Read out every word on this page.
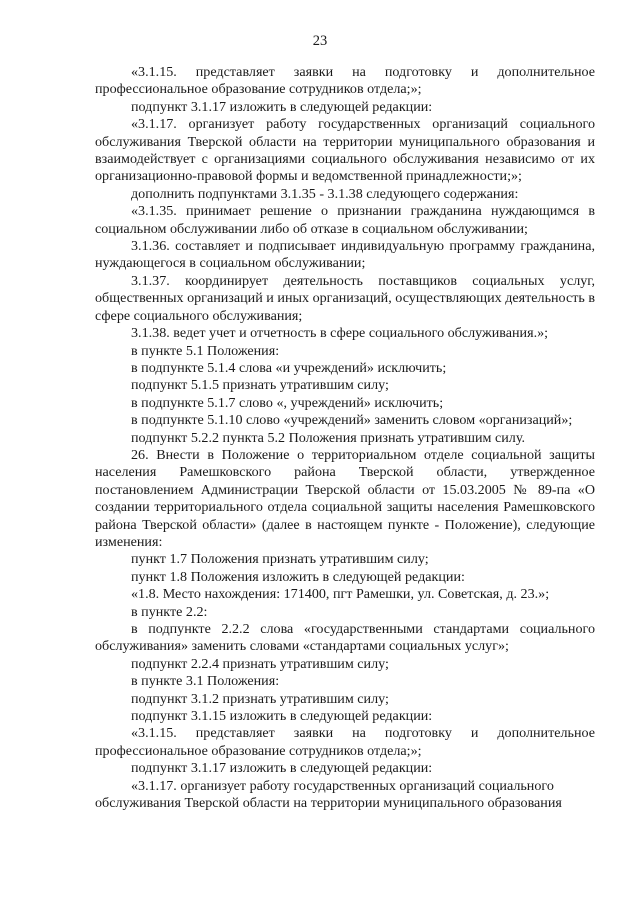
23

«3.1.15. представляет заявки на подготовку и дополнительное профессиональное образование сотрудников отдела;»;

подпункт 3.1.17 изложить в следующей редакции:

«3.1.17. организует работу государственных организаций социального обслуживания Тверской области на территории муниципального образования и взаимодействует с организациями социального обслуживания независимо от их организационно-правовой формы и ведомственной принадлежности;»;

дополнить подпунктами 3.1.35 - 3.1.38 следующего содержания:

«3.1.35. принимает решение о признании гражданина нуждающимся в социальном обслуживании либо об отказе в социальном обслуживании;

3.1.36. составляет и подписывает индивидуальную программу гражданина, нуждающегося в социальном обслуживании;

3.1.37. координирует деятельность поставщиков социальных услуг, общественных организаций и иных организаций, осуществляющих деятельность в сфере социального обслуживания;

3.1.38. ведет учет и отчетность в сфере социального обслуживания.»;

в пункте 5.1 Положения:

в подпункте 5.1.4 слова «и учреждений» исключить;

подпункт 5.1.5 признать утратившим силу;

в подпункте 5.1.7 слово «, учреждений» исключить;

в подпункте 5.1.10 слово «учреждений» заменить словом «организаций»;

подпункт 5.2.2 пункта 5.2 Положения признать утратившим силу.

26. Внести в Положение о территориальном отделе социальной защиты населения Рамешковского района Тверской области, утвержденное постановлением Администрации Тверской области от 15.03.2005 № 89-па «О создании территориального отдела социальной защиты населения Рамешковского района Тверской области» (далее в настоящем пункте - Положение), следующие изменения:

пункт 1.7 Положения признать утратившим силу;

пункт 1.8 Положения изложить в следующей редакции:

«1.8. Место нахождения: 171400, пгт Рамешки, ул. Советская, д. 23.»;

в пункте 2.2:

в подпункте 2.2.2 слова «государственными стандартами социального обслуживания» заменить словами «стандартами социальных услуг»;

подпункт 2.2.4 признать утратившим силу;

в пункте 3.1 Положения:

подпункт 3.1.2 признать утратившим силу;

подпункт 3.1.15 изложить в следующей редакции:

«3.1.15. представляет заявки на подготовку и дополнительное профессиональное образование сотрудников отдела;»;

подпункт 3.1.17 изложить в следующей редакции:

«3.1.17. организует работу государственных организаций социального обслуживания Тверской области на территории муниципального образования
